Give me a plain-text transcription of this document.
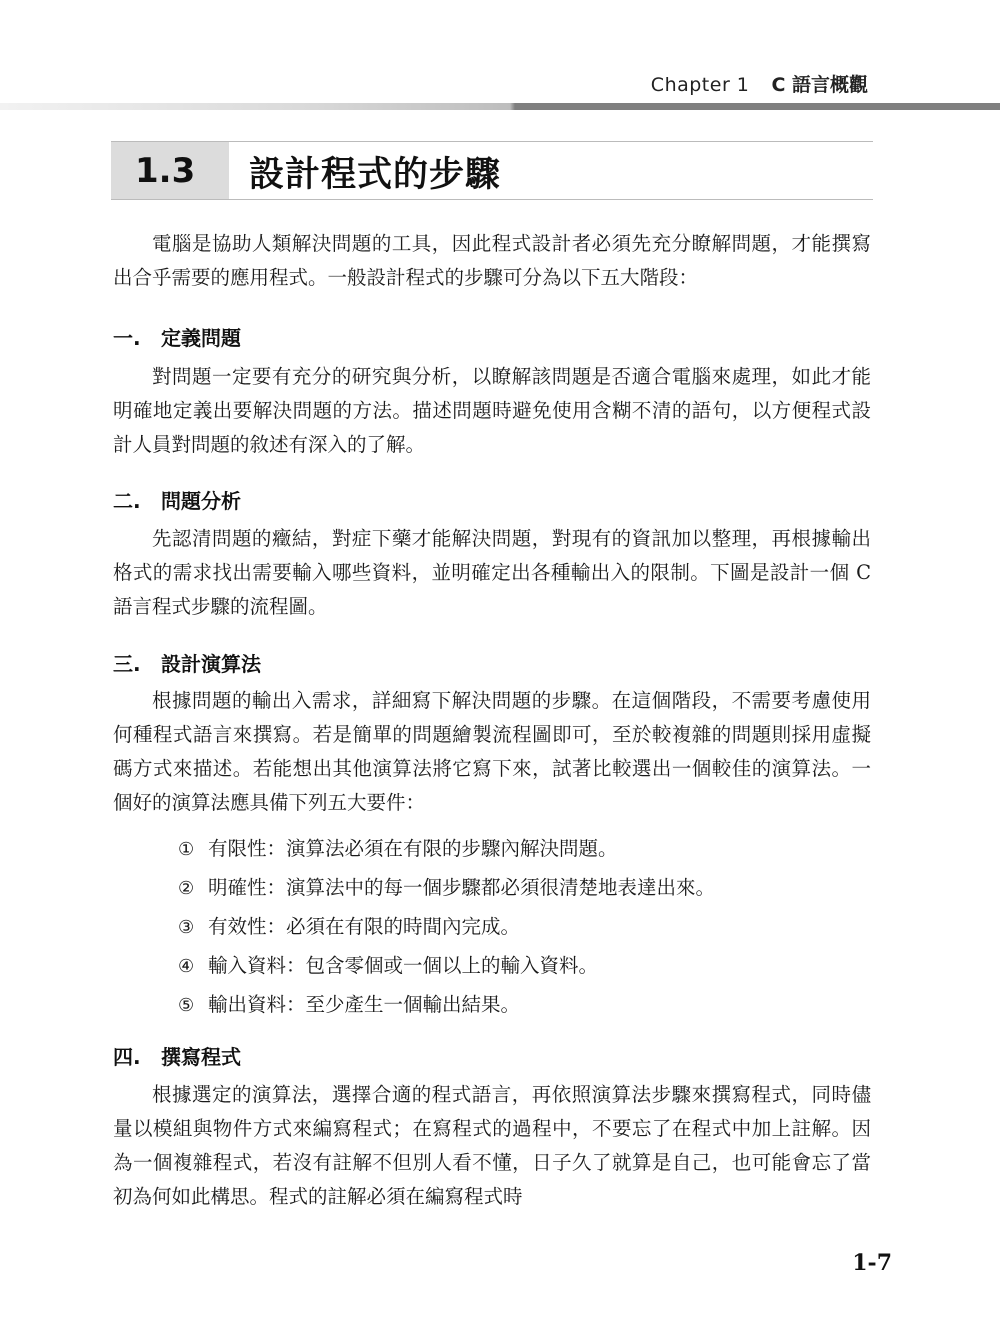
Chapter 1 C 語言概觀
1.3 設計程式的步驟

電腦是協助人類解決問題的工具，因此程式設計者必須先充分瞭解問題，才能撰寫出合乎需要的應用程式。一般設計程式的步驟可分為以下五大階段：

一. 定義問題

對問題一定要有充分的研究與分析，以瞭解該問題是否適合電腦來處理，如此才能明確地定義出要解決問題的方法。描述問題時避免使用含糊不清的語句，以方便程式設計人員對問題的敘述有深入的了解。

二. 問題分析

先認清問題的癥結，對症下藥才能解決問題，對現有的資訊加以整理，再根據輸出格式的需求找出需要輸入哪些資料，並明確定出各種輸出入的限制。下圖是設計一個 C 語言程式步驟的流程圖。

三. 設計演算法

根據問題的輸出入需求，詳細寫下解決問題的步驟。在這個階段，不需要考慮使用何種程式語言來撰寫。若是簡單的問題繪製流程圖即可，至於較複雜的問題則採用虛擬碼方式來描述。若能想出其他演算法將它寫下來，試著比較選出一個較佳的演算法。一個好的演算法應具備下列五大要件：

① 有限性：演算法必須在有限的步驟內解決問題。
② 明確性：演算法中的每一個步驟都必須很清楚地表達出來。
③ 有效性：必須在有限的時間內完成。
④ 輸入資料：包含零個或一個以上的輸入資料。
⑤ 輸出資料：至少產生一個輸出結果。
四. 撰寫程式

根據選定的演算法，選擇合適的程式語言，再依照演算法步驟來撰寫程式，同時儘量以模組與物件方式來編寫程式；在寫程式的過程中，不要忘了在程式中加上註解。因為一個複雜程式，若沒有註解不但別人看不懂，日子久了就算是自己，也可能會忘了當初為何如此構思。程式的註解必須在編寫程式時

1-7
